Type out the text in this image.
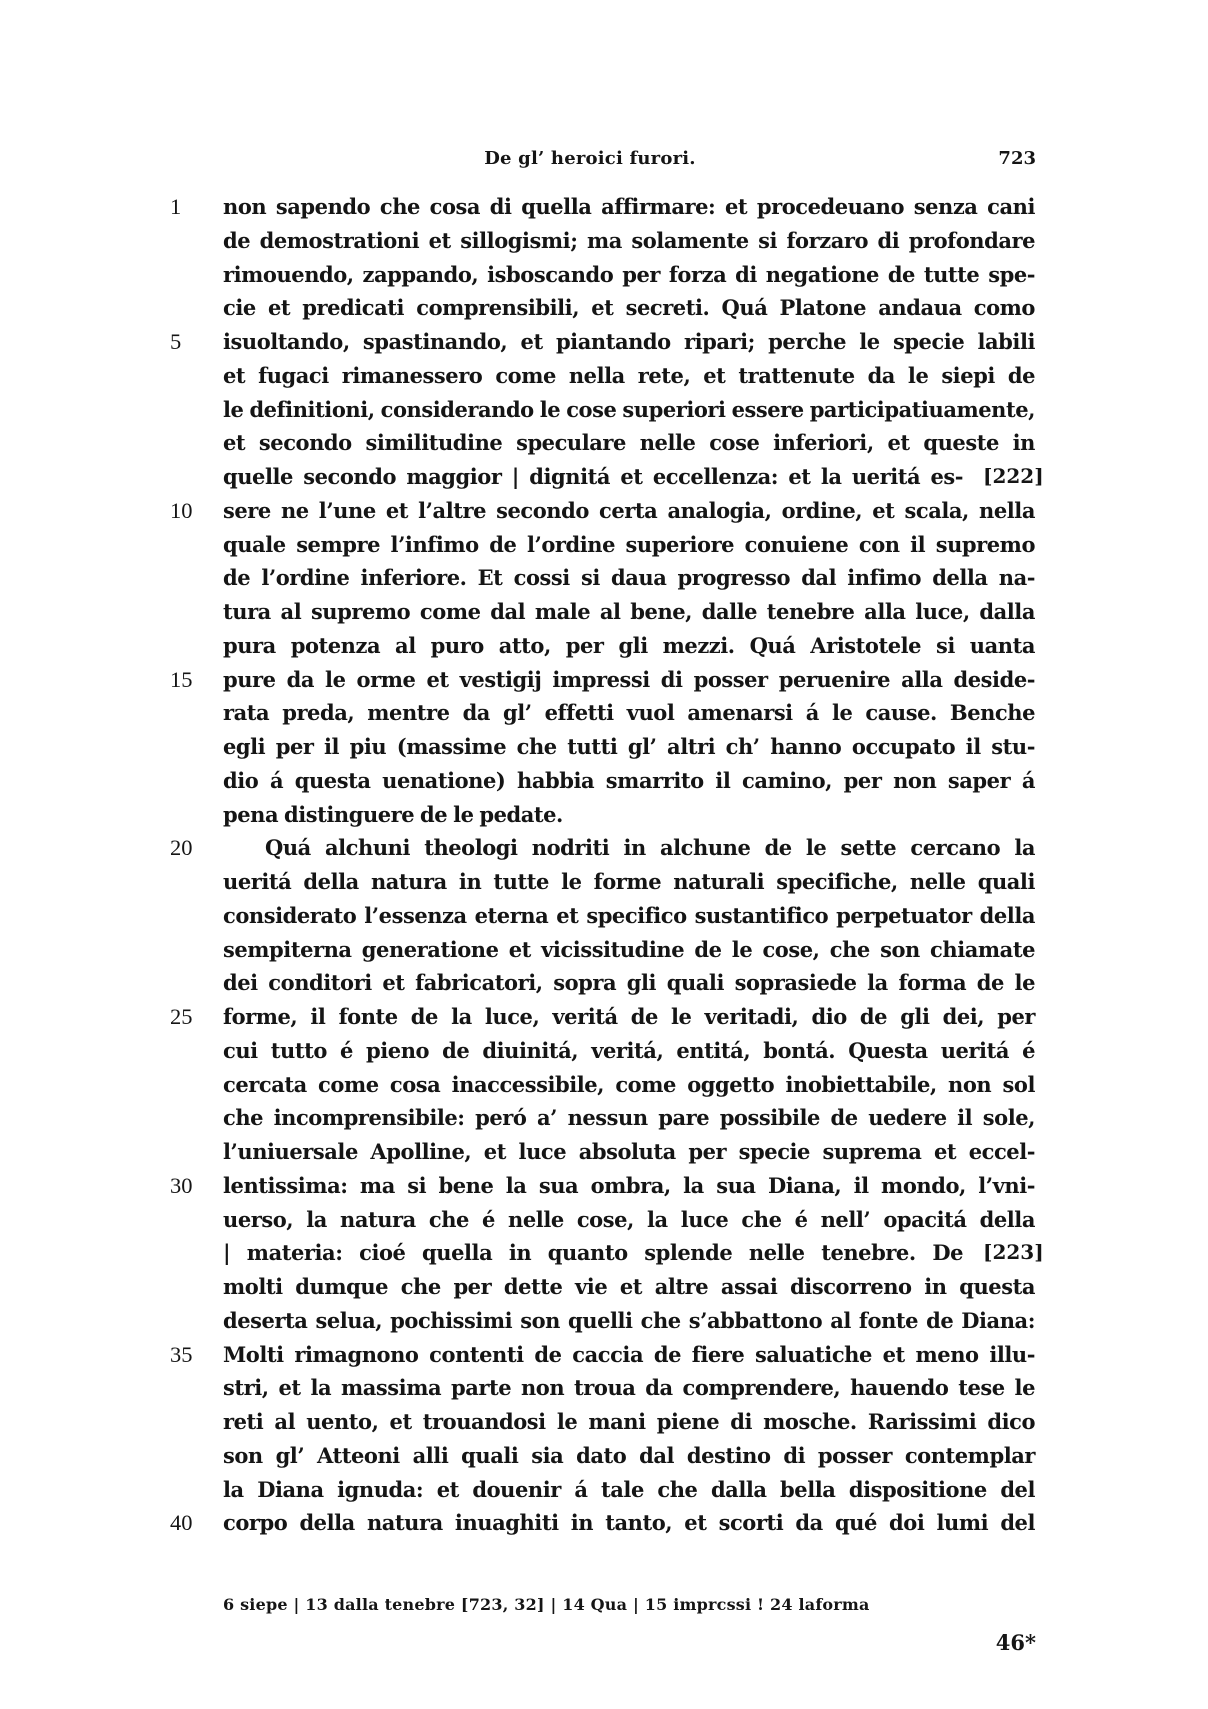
De gl’ heroici furori.	723
1	non sapendo che cosa di quella affirmare: et procedeuano senza cani
de demostrationi et sillogismi; ma solamente si forzaro di profondare
rimouendo, zappando, isboscando per forza di negatione de tutte spe-
cie et predicati comprensibili, et secreti. Quá Platone andaua como
5	isuoltando, spastinando, et piantando ripari; perche le specie labili
et fugaci rimanessero come nella rete, et trattenute da le siepi de
le definitioni, considerando le cose superiori essere participatiuamente,
et secondo similitudine speculare nelle cose inferiori, et queste in
quelle secondo maggior | dignitá et eccellenza: et la ueritá es- [222]
10	sere ne l’une et l’altre secondo certa analogia, ordine, et scala, nella
quale sempre l’infimo de l’ordine superiore conuiene con il supremo
de l’ordine inferiore. Et cossi si daua progresso dal infimo della na-
tura al supremo come dal male al bene, dalle tenebre alla luce, dalla
pura potenza al puro atto, per gli mezzi. Quá Aristotele si uanta
15	pure da le orme et vestigij impressi di posser peruenire alla deside-
rata preda, mentre da gl’ effetti vuol amenarsi á le cause. Benche
egli per il piu (massime che tutti gl’ altri ch’ hanno occupato il stu-
dio á questa uenatione) habbia smarrito il camino, per non saper á
pena distinguere de le pedate.
20	Quá alchuni theologi nodriti in alchune de le sette cercano la
ueritá della natura in tutte le forme naturali specifiche, nelle quali
considerato l’essenza eterna et specifico sustantifico perpetuator della
sempiterna generatione et vicissitudine de le cose, che son chiamate
dei conditori et fabricatori, sopra gli quali soprasiede la forma de le
25	forme, il fonte de la luce, veritá de le veritadi, dio de gli dei, per
cui tutto é pieno de diuinitá, veritá, entitá, bontá. Questa ueritá é
cercata come cosa inaccessibile, come oggetto inobiettabile, non sol
che incomprensibile: peró a’ nessun pare possibile de uedere il sole,
l’uniuersale Apolline, et luce absoluta per specie suprema et eccel-
30	lentissima: ma si bene la sua ombra, la sua Diana, il mondo, l’vni-
uerso, la natura che é nelle cose, la luce che é nell’ opacitá della
| materia: cioé quella in quanto splende nelle tenebre. De [223]
molti dumque che per dette vie et altre assai discorreno in questa
deserta selua, pochissimi son quelli che s’abbattono al fonte de Diana:
35	Molti rimagnono contenti de caccia de fiere saluatiche et meno illu-
stri, et la massima parte non troua da comprendere, hauendo tese le
reti al uento, et trouandosi le mani piene di mosche. Rarissimi dico
son gl’ Atteoni alli quali sia dato dal destino di posser contemplar
la Diana ignuda: et douenir á tale che dalla bella dispositione del
40	corpo della natura inuaghiti in tanto, et scorti da qué doi lumi del
6 siepe | 13 dalla tenebre [723, 32] | 14 Qua | 15 imprcssi ! 24 laforma
46*
